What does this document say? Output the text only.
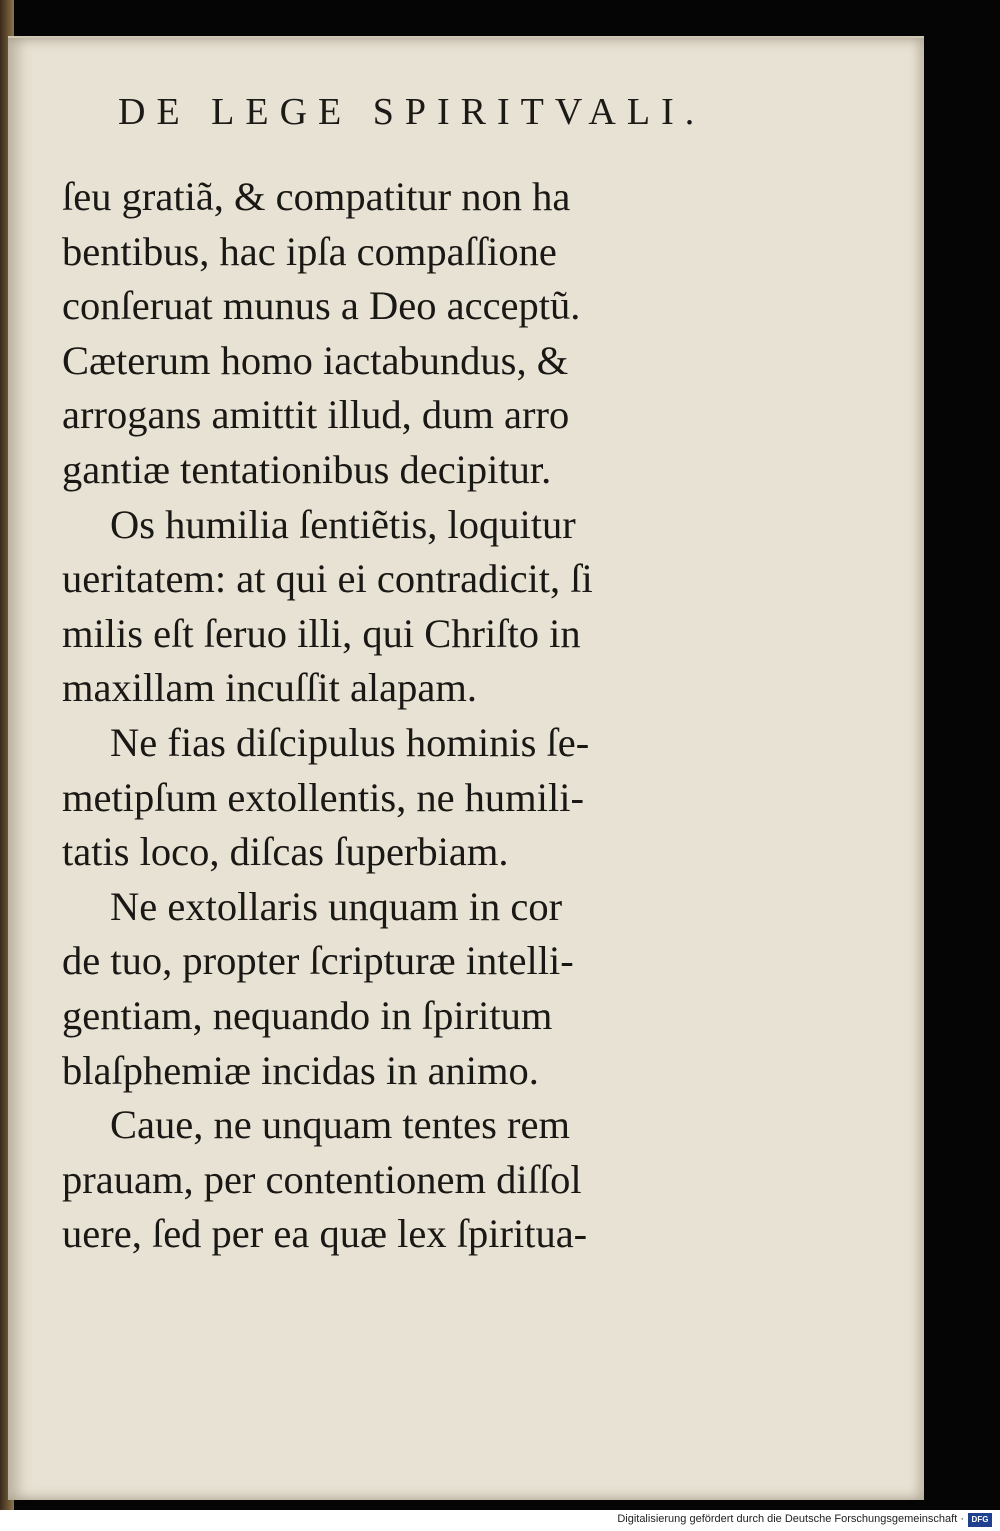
DE LEGE SPIRITVALI.
ſeu gratiã, & compatitur non ha
bentibus, hac ipſa compaſſione
conſeruat munus a Deo acceptũ.
Cæterum homo iactabundus, &
arrogans amittit illud, dum arro
gantiæ tentationibus decipitur.
Os humilia ſentiẽtis, loquitur
ueritatem: at qui ei contradicit, ſi
milis eſt ſeruo illi, qui Chriſto in
maxillam incuſſit alapam.
Ne fias diſcipulus hominis ſe-
metipſum extollentis, ne humili-
tatis loco, diſcas ſuperbiam.
Ne extollaris unquam in cor
de tuo, propter ſcripturæ intelli-
gentiam, nequando in ſpiritum
blaſphemiæ incidas in animo.
Caue, ne unquam tentes rem
prauam, per contentionem diſſol
uere, ſed per ea quæ lex ſpiritua-
Digitalisierung gefördert durch die Deutsche Forschungsgemeinschaft · DFG
